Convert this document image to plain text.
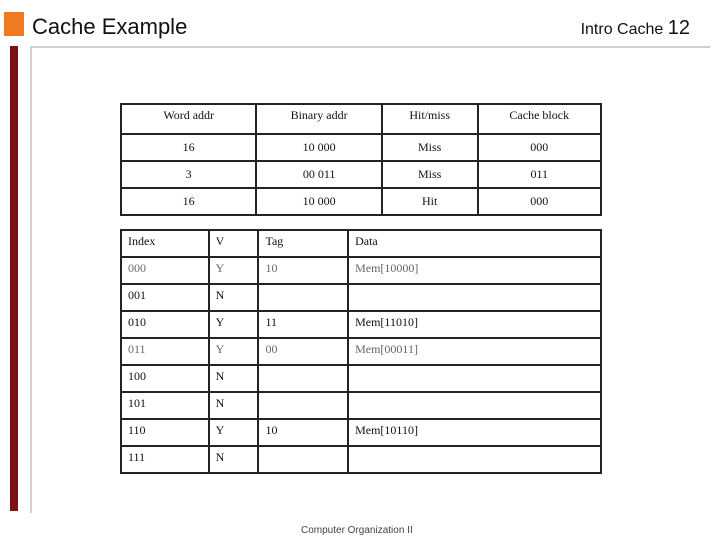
Cache Example	Intro Cache 12
Word addr	Binary addr	Hit/miss	Cache block
16	10 000	Miss	000
3	00 011	Miss	011
16	10 000	Hit	000
Index	V	Tag	Data
000	Y	10	Mem[10000]
001	N		
010	Y	11	Mem[11010]
011	Y	00	Mem[00011]
100	N		
101	N		
110	Y	10	Mem[10110]
111	N		
Computer Organization II
